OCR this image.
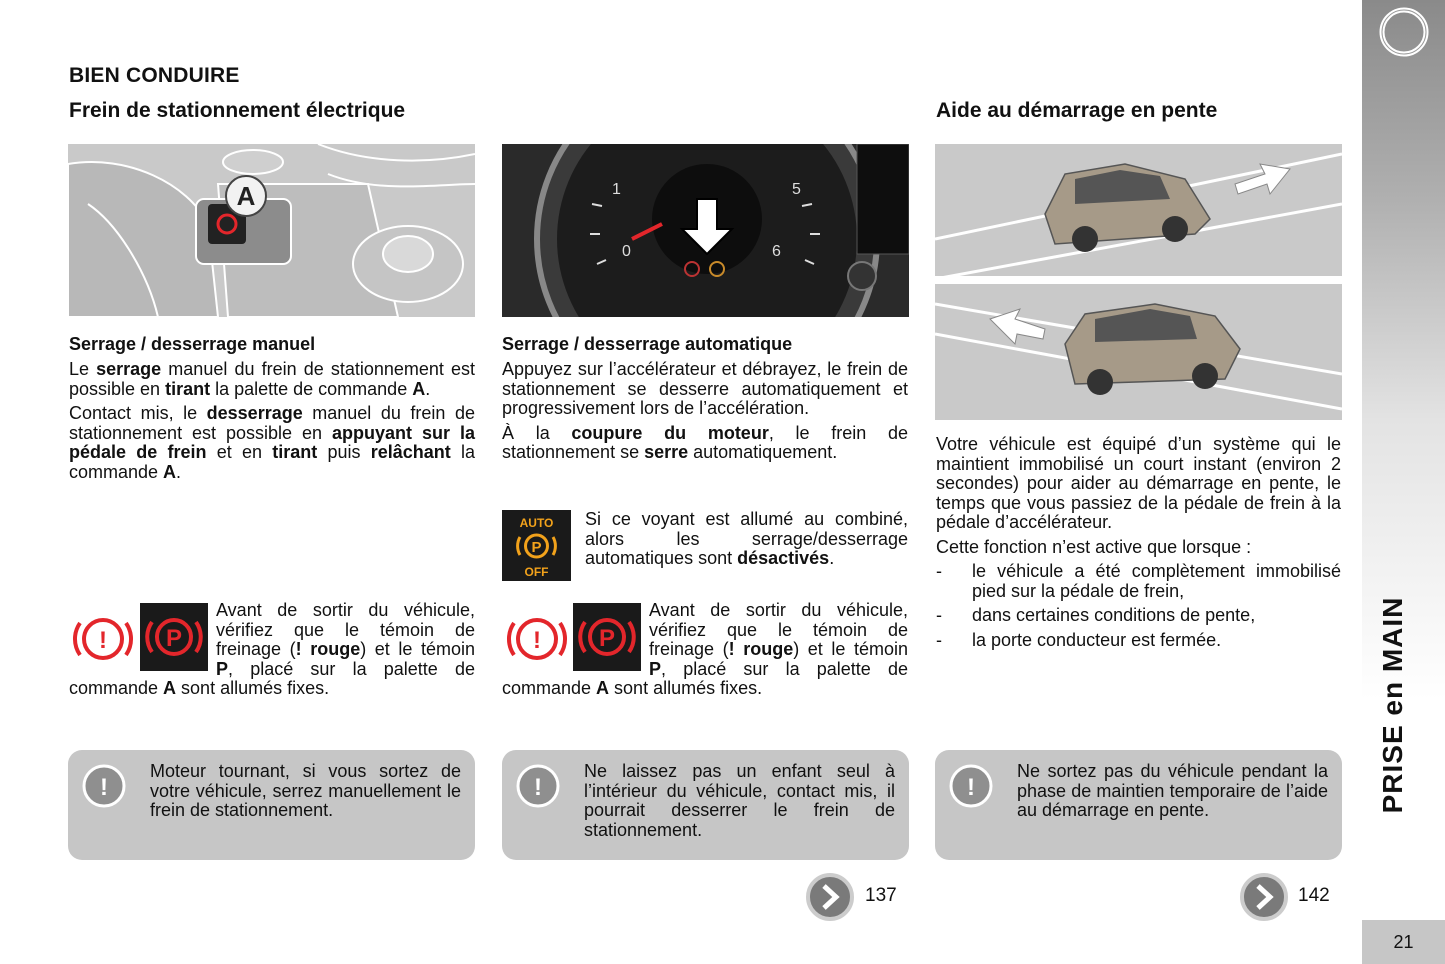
PRISE en MAIN
21
BIEN CONDUIRE
Frein de stationnement électrique	Aide au démarrage en pente
A	1	5
0	6
Serrage / desserrage manuel

Le serrage manuel du frein de stationnement est possible en tirant la palette de commande A.

Contact mis, le desserrage manuel du frein de stationnement est possible en appuyant sur la pédale de frein et en tirant puis relâchant la commande A.

! P
Avant de sortir du véhicule, vérifiez que le témoin de freinage (! rouge) et le témoin P, placé sur la palette de commande A sont allumés fixes.
Serrage / desserrage automatique

Appuyez sur l’accélérateur et débrayez, le frein de stationnement se desserre automatiquement et progressivement lors de l’accélération.

À la coupure du moteur, le frein de stationnement se serre automatiquement.

AUTO
P
OFF
Si ce voyant est allumé au combiné, alors les serrage/desserrage automatiques sont désactivés.
! P
Avant de sortir du véhicule, vérifiez que le témoin de freinage (! rouge) et le témoin P, placé sur la palette de commande A sont allumés fixes.

Votre véhicule est équipé d’un système qui le maintient immobilisé un court instant (environ 2 secondes) pour aider au démarrage en pente, le temps que vous passiez de la pédale de frein à la pédale d’accélérateur.

Cette fonction n’est active que lorsque :

-	le véhicule a été complètement immobilisé pied sur la pédale de frein,
-	dans certaines conditions de pente,
-	la porte conducteur est fermée.
!
Moteur tournant, si vous sortez de votre véhicule, serrez manuellement le frein de stationnement.
!
Ne laissez pas un enfant seul à l’intérieur du véhicule, contact mis, il pourrait desserrer le frein de stationnement.
!
Ne sortez pas du véhicule pendant la phase de maintien temporaire de l’aide au démarrage en pente.
137	142
